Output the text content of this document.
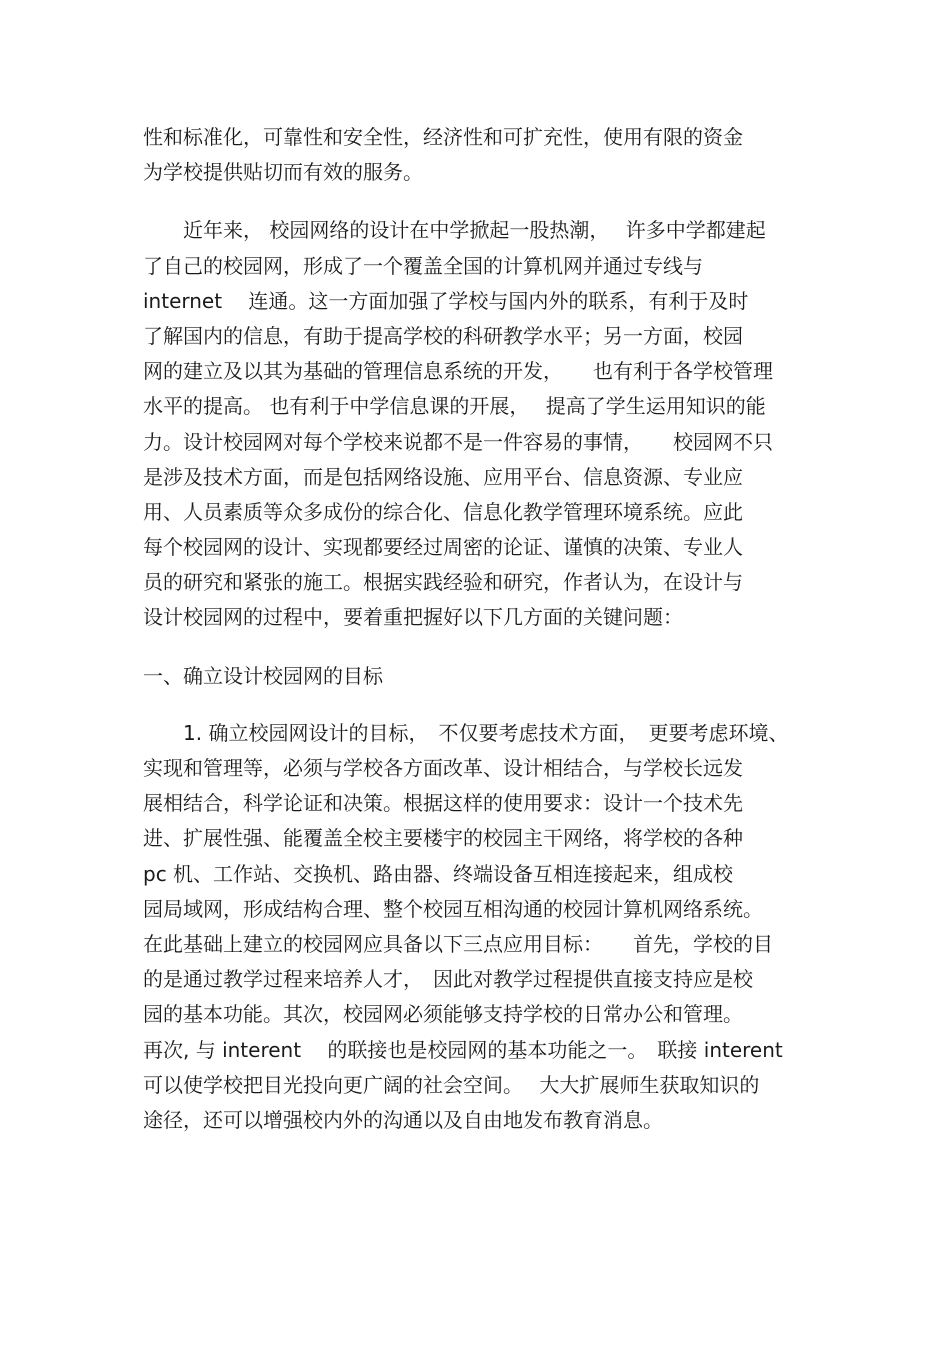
性和标准化，可靠性和安全性，经济性和可扩充性，使用有限的资金

为学校提供贴切而有效的服务。

　　近年来， 校园网络的设计在中学掀起一股热潮，　 许多中学都建起

了自己的校园网，形成了一个覆盖全国的计算机网并通过专线与

internet　 连通。这一方面加强了学校与国内外的联系，有利于及时

了解国内的信息，有助于提高学校的科研教学水平；另一方面，校园

网的建立及以其为基础的管理信息系统的开发，　　也有利于各学校管理

水平的提高。 也有利于中学信息课的开展，　 提高了学生运用知识的能

力。设计校园网对每个学校来说都不是一件容易的事情，　　校园网不只

是涉及技术方面，而是包括网络设施、应用平台、信息资源、专业应

用、人员素质等众多成份的综合化、信息化教学管理环境系统。应此

每个校园网的设计、实现都要经过周密的论证、谨慎的决策、专业人

员的研究和紧张的施工。根据实践经验和研究，作者认为，在设计与

设计校园网的过程中，要着重把握好以下几方面的关键问题：

一、确立设计校园网的目标

　　1. 确立校园网设计的目标，　不仅要考虑技术方面，　更要考虑环境、

实现和管理等，必须与学校各方面改革、设计相结合，与学校长远发

展相结合，科学论证和决策。根据这样的使用要求：设计一个技术先

进、扩展性强、能覆盖全校主要楼宇的校园主干网络，将学校的各种

pc 机、工作站、交换机、路由器、终端设备互相连接起来，组成校

园局域网，形成结构合理、整个校园互相沟通的校园计算机网络系统。

在此基础上建立的校园网应具备以下三点应用目标：　　首先，学校的目

的是通过教学过程来培养人才，　因此对教学过程提供直接支持应是校

园的基本功能。其次，校园网必须能够支持学校的日常办公和管理。

再次, 与 interent　 的联接也是校园网的基本功能之一。　联接 interent

可以使学校把目光投向更广阔的社会空间。　 大大扩展师生获取知识的

途径，还可以增强校内外的沟通以及自由地发布教育消息。
